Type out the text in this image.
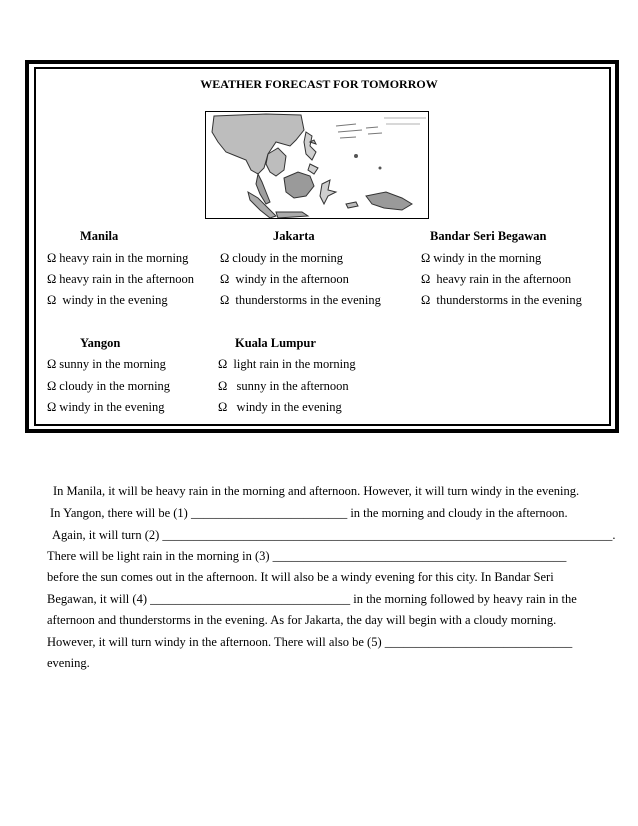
WEATHER FORECAST FOR TOMORROW
Manila
Ω heavy rain in the morning
Ω heavy rain in the afternoon
Ω windy in the evening
Jakarta
Ω cloudy in the morning
Ω windy in the afternoon
Ω thunderstorms in the evening
Bandar Seri Begawan
Ω windy in the morning
Ω heavy rain in the afternoon
Ω thunderstorms in the evening
Yangon
Ω sunny in the morning
Ω cloudy in the morning
Ω windy in the evening
Kuala Lumpur
Ω light rain in the morning
Ω sunny in the afternoon
Ω windy in the evening
In Manila, it will be heavy rain in the morning and afternoon. However, it will turn windy in the evening.
In Yangon, there will be (1) _________________________ in the morning and cloudy in the afternoon.
Again, it will turn (2) ________________________________________________________________________.
There will be light rain in the morning in (3) _______________________________________________
before the sun comes out in the afternoon. It will also be a windy evening for this city. In Bandar Seri
Begawan, it will (4) ________________________________ in the morning followed by heavy rain in the
afternoon and thunderstorms in the evening. As for Jakarta, the day will begin with a cloudy morning.
However, it will turn windy in the afternoon. There will also be (5) ______________________________
evening.
